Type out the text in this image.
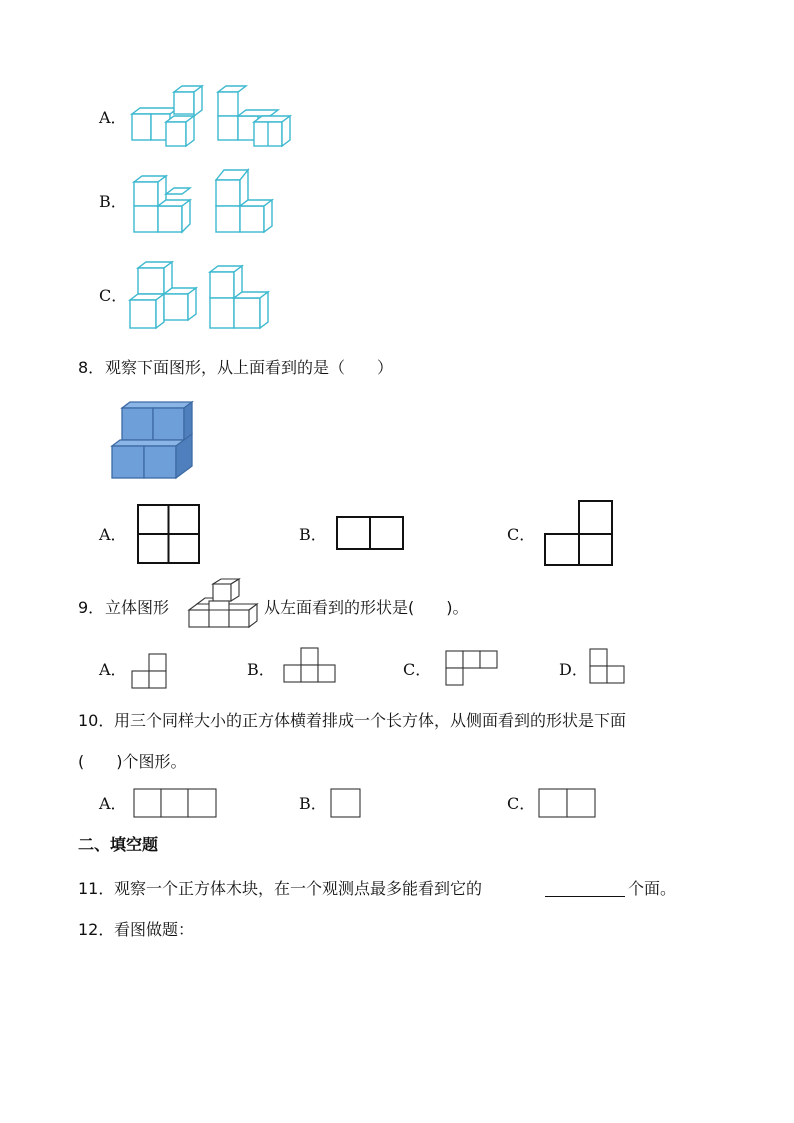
A．
B．
C．
8． 观察下面图形，从上面看到的是（　　）
A．	B．	C．
9． 立体图形	从左面看到的形状是(　　)。
A．	B．	C．	D．
10． 用三个同样大小的正方体横着排成一个长方体，从侧面看到的形状是下面
(　　)个图形。
A．	B．	C．
二、填空题
11． 观察一个正方体木块，在一个观测点最多能看到它的	个面。
12． 看图做题：
